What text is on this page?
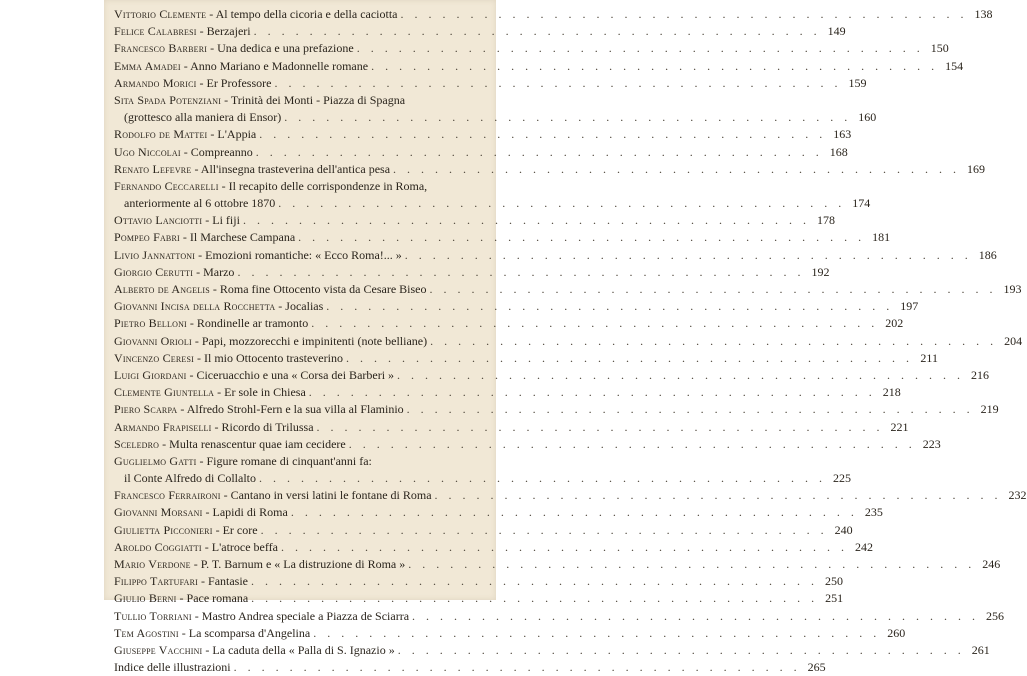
Vittorio Clemente - Al tempo della cicoria e della caciotta . . . . . . . . . . . . . . . . . . . . . . . . . . . . . . . . . . . . . . . . . 138
Felice Calabresi - Berzajeri . . . . . . . . . . . . . . . . . . . . . . . . . . . . . . . . . . . . . . . . . 149
Francesco Barberi - Una dedica e una prefazione . . . . . . . . . . . . . . . . . . . . . . . . . . . . . . . . . . . . . . . . . 150
Emma Amadei - Anno Mariano e Madonnelle romane . . . . . . . . . . . . . . . . . . . . . . . . . . . . . . . . . . . . . . . . . 154
Armando Morici - Er Professore . . . . . . . . . . . . . . . . . . . . . . . . . . . . . . . . . . . . . . . . . 159
Sita Spada Potenziani - Trinità dei Monti - Piazza di Spagna
(grottesco alla maniera di Ensor) . . . . . . . . . . . . . . . . . . . . . . . . . . . . . . . . . . . . . . . . . 160
Rodolfo de Mattei - L'Appia . . . . . . . . . . . . . . . . . . . . . . . . . . . . . . . . . . . . . . . . . 163
Ugo Niccolai - Compreanno . . . . . . . . . . . . . . . . . . . . . . . . . . . . . . . . . . . . . . . . . 168
Renato Lefevre - All'insegna trasteverina dell'antica pesa . . . . . . . . . . . . . . . . . . . . . . . . . . . . . . . . . . . . . . . . . 169
Fernando Ceccarelli - Il recapito delle corrispondenze in Roma,
anteriormente al 6 ottobre 1870 . . . . . . . . . . . . . . . . . . . . . . . . . . . . . . . . . . . . . . . . . 174
Ottavio Lanciotti - Li fiji . . . . . . . . . . . . . . . . . . . . . . . . . . . . . . . . . . . . . . . . . 178
Pompeo Fabri - Il Marchese Campana . . . . . . . . . . . . . . . . . . . . . . . . . . . . . . . . . . . . . . . . . 181
Livio Jannattoni - Emozioni romantiche: « Ecco Roma!... » . . . . . . . . . . . . . . . . . . . . . . . . . . . . . . . . . . . . . . . . . 186
Giorgio Cerutti - Marzo . . . . . . . . . . . . . . . . . . . . . . . . . . . . . . . . . . . . . . . . . 192
Alberto de Angelis - Roma fine Ottocento vista da Cesare Biseo . . . . . . . . . . . . . . . . . . . . . . . . . . . . . . . . . . . . . . . . . 193
Giovanni Incisa della Rocchetta - Jocalias . . . . . . . . . . . . . . . . . . . . . . . . . . . . . . . . . . . . . . . . . 197
Pietro Belloni - Rondinelle ar tramonto . . . . . . . . . . . . . . . . . . . . . . . . . . . . . . . . . . . . . . . . . 202
Giovanni Orioli - Papi, mozzorecchi e impinitenti (note belliane) . . . . . . . . . . . . . . . . . . . . . . . . . . . . . . . . . . . . . . . . . 204
Vincenzo Ceresi - Il mio Ottocento trasteverino . . . . . . . . . . . . . . . . . . . . . . . . . . . . . . . . . . . . . . . . . 211
Luigi Giordani - Ciceruacchio e una « Corsa dei Barberi » . . . . . . . . . . . . . . . . . . . . . . . . . . . . . . . . . . . . . . . . . 216
Clemente Giuntella - Er sole in Chiesa . . . . . . . . . . . . . . . . . . . . . . . . . . . . . . . . . . . . . . . . . 218
Piero Scarpa - Alfredo Strohl-Fern e la sua villa al Flaminio . . . . . . . . . . . . . . . . . . . . . . . . . . . . . . . . . . . . . . . . . 219
Armando Frapiselli - Ricordo di Trilussa . . . . . . . . . . . . . . . . . . . . . . . . . . . . . . . . . . . . . . . . . 221
Sceledro - Multa renascentur quae iam cecidere . . . . . . . . . . . . . . . . . . . . . . . . . . . . . . . . . . . . . . . . . 223
Guglielmo Gatti - Figure romane di cinquant'anni fa:
il Conte Alfredo di Collalto . . . . . . . . . . . . . . . . . . . . . . . . . . . . . . . . . . . . . . . . . 225
Francesco Ferraironi - Cantano in versi latini le fontane di Roma . . . . . . . . . . . . . . . . . . . . . . . . . . . . . . . . . . . . . . . . . 232
Giovanni Morsani - Lapidi di Roma . . . . . . . . . . . . . . . . . . . . . . . . . . . . . . . . . . . . . . . . . 235
Giulietta Picconieri - Er core . . . . . . . . . . . . . . . . . . . . . . . . . . . . . . . . . . . . . . . . . 240
Aroldo Coggiatti - L'atroce beffa . . . . . . . . . . . . . . . . . . . . . . . . . . . . . . . . . . . . . . . . . 242
Mario Verdone - P. T. Barnum e « La distruzione di Roma » . . . . . . . . . . . . . . . . . . . . . . . . . . . . . . . . . . . . . . . . . 246
Filippo Tartufari - Fantasie . . . . . . . . . . . . . . . . . . . . . . . . . . . . . . . . . . . . . . . . . 250
Giulio Berni - Pace romana . . . . . . . . . . . . . . . . . . . . . . . . . . . . . . . . . . . . . . . . . 251
Tullio Torriani - Mastro Andrea speciale a Piazza de Sciarra . . . . . . . . . . . . . . . . . . . . . . . . . . . . . . . . . . . . . . . . . 256
Tem Agostini - La scomparsa d'Angelina . . . . . . . . . . . . . . . . . . . . . . . . . . . . . . . . . . . . . . . . . 260
Giuseppe Vacchini - La caduta della « Palla di S. Ignazio » . . . . . . . . . . . . . . . . . . . . . . . . . . . . . . . . . . . . . . . . . 261
Indice delle illustrazioni . . . . . . . . . . . . . . . . . . . . . . . . . . . . . . . . . . . . . . . . . 265
